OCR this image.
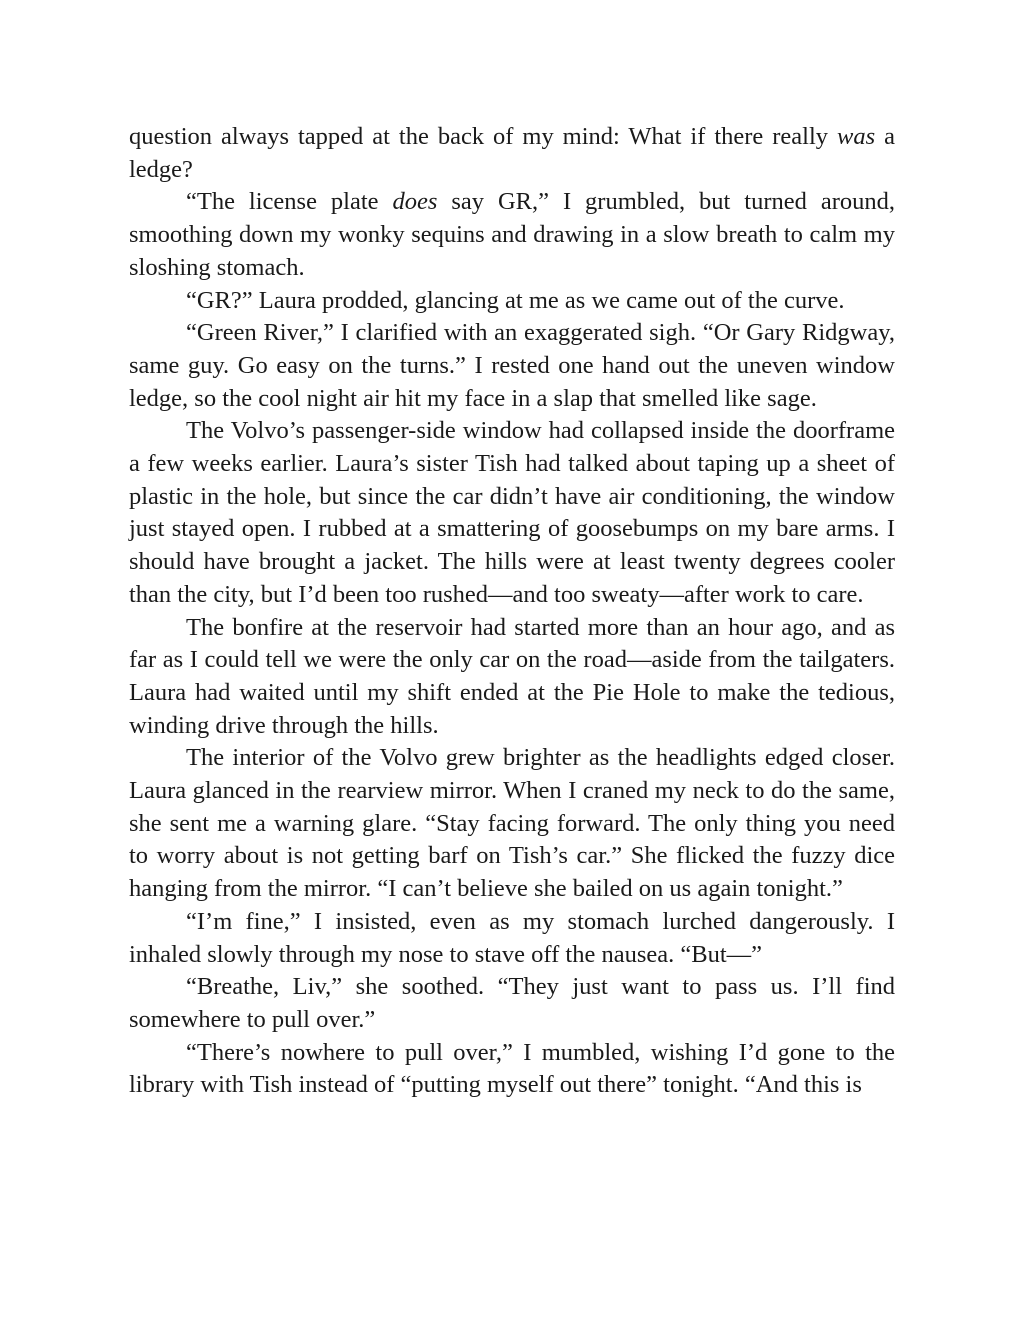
question always tapped at the back of my mind: What if there really was a ledge?

“The license plate does say GR,” I grumbled, but turned around, smoothing down my wonky sequins and drawing in a slow breath to calm my sloshing stomach.

“GR?” Laura prodded, glancing at me as we came out of the curve.

“Green River,” I clarified with an exaggerated sigh. “Or Gary Ridgway, same guy. Go easy on the turns.” I rested one hand out the uneven window ledge, so the cool night air hit my face in a slap that smelled like sage.

The Volvo’s passenger-side window had collapsed inside the doorframe a few weeks earlier. Laura’s sister Tish had talked about taping up a sheet of plastic in the hole, but since the car didn’t have air conditioning, the window just stayed open. I rubbed at a smattering of goosebumps on my bare arms. I should have brought a jacket. The hills were at least twenty degrees cooler than the city, but I’d been too rushed—and too sweaty—after work to care.

The bonfire at the reservoir had started more than an hour ago, and as far as I could tell we were the only car on the road—aside from the tailgaters. Laura had waited until my shift ended at the Pie Hole to make the tedious, winding drive through the hills.

The interior of the Volvo grew brighter as the headlights edged closer. Laura glanced in the rearview mirror. When I craned my neck to do the same, she sent me a warning glare. “Stay facing forward. The only thing you need to worry about is not getting barf on Tish’s car.” She flicked the fuzzy dice hanging from the mirror. “I can’t believe she bailed on us again tonight.”

“I’m fine,” I insisted, even as my stomach lurched dangerously. I inhaled slowly through my nose to stave off the nausea. “But—”

“Breathe, Liv,” she soothed. “They just want to pass us. I’ll find somewhere to pull over.”

“There’s nowhere to pull over,” I mumbled, wishing I’d gone to the library with Tish instead of “putting myself out there” tonight. “And this is
